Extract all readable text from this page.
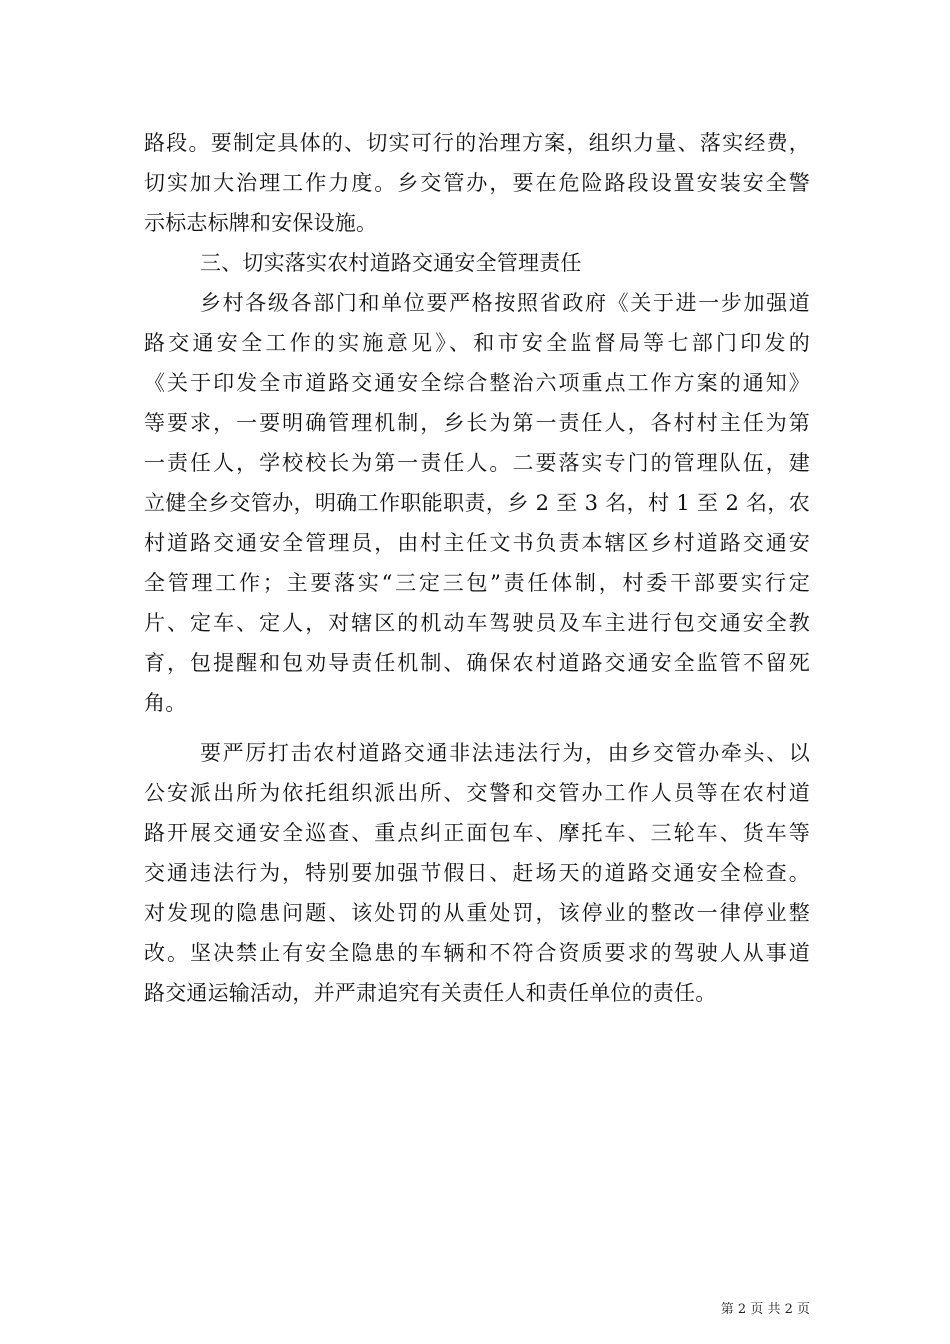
路段。要制定具体的、切实可行的治理方案，组织力量、落实经费，
切实加大治理工作力度。乡交管办，要在危险路段设置安装安全警
示标志标牌和安保设施。
三、切实落实农村道路交通安全管理责任
乡村各级各部门和单位要严格按照省政府《关于进一步加强道
路交通安全工作的实施意见》、和市安全监督局等七部门印发的
《关于印发全市道路交通安全综合整治六项重点工作方案的通知》
等要求，一要明确管理机制，乡长为第一责任人，各村村主任为第
一责任人，学校校长为第一责任人。二要落实专门的管理队伍，建
立健全乡交管办，明确工作职能职责，乡 2 至 3 名，村 1 至 2 名，农
村道路交通安全管理员，由村主任文书负责本辖区乡村道路交通安
全管理工作；主要落实“三定三包”责任体制，村委干部要实行定
片、定车、定人，对辖区的机动车驾驶员及车主进行包交通安全教
育，包提醒和包劝导责任机制、确保农村道路交通安全监管不留死
角。
要严厉打击农村道路交通非法违法行为，由乡交管办牵头、以
公安派出所为依托组织派出所、交警和交管办工作人员等在农村道
路开展交通安全巡查、重点纠正面包车、摩托车、三轮车、货车等
交通违法行为，特别要加强节假日、赶场天的道路交通安全检查。
对发现的隐患问题、该处罚的从重处罚，该停业的整改一律停业整
改。坚决禁止有安全隐患的车辆和不符合资质要求的驾驶人从事道
路交通运输活动，并严肃追究有关责任人和责任单位的责任。
第 2 页 共 2 页
